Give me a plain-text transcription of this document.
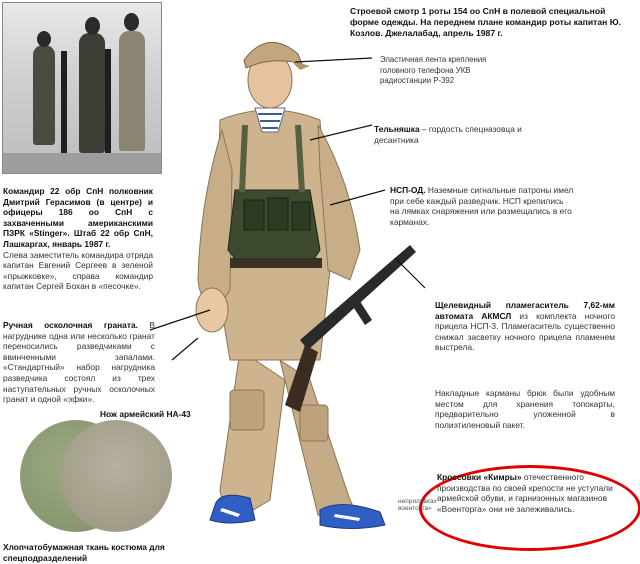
Строевой смотр 1 роты 154 оо СпН в полевой специальной форме одежды. На переднем плане командир роты капитан Ю. Козлов. Джелалабад, апрель 1987 г.
Эластичная лента крепления головного телефона УКВ радиостанции Р-392
Тельняшка – гордость спецназовца и десантника
НСП-ОД. Наземные сигнальные патроны имел при себе каждый разведчик. НСП крепились на лямках снаряжения или размещались в его карманах.
Щелевидный пламегаситель 7,62-мм автомата АКМСЛ из комплекта ночного прицела НСП-3. Пламегаситель существенно снижал засветку ночного прицела пламенем выстрела.
Накладные карманы брюк были удобным местом для хранения топокарты, предварительно уложенной в полиэтиленовый пакет.
Кроссовки «Кимры» отечественного производства по своей крепости не уступали армейской обуви, и гарнизонных магазинов «Военторга» они не залеживались.
неприлавках
военторга»
Командир 22 обр СпН полковник Дмитрий Герасимов (в центре) и офицеры 186 оо СпН с захваченными американскими ПЗРК «Stinger». Штаб 22 обр СпН, Лашкаргах, январь 1987 г.
Слева заместитель командира отряда капитан Евгений Сергеев в зеленой «прыжковке», справа командир капитан Сергей Бохан в «песочке».
Ручная осколочная граната. В нагруднике одна или несколько гранат переносились разведчиками с ввинченными запалами. «Стандартный» набор нагрудника разведчика состоял из трех наступательных ручных осколочных гранат и одной «эфки».
Нож армейский НА-43
Хлопчатобумажная ткань костюма для спецподразделений
